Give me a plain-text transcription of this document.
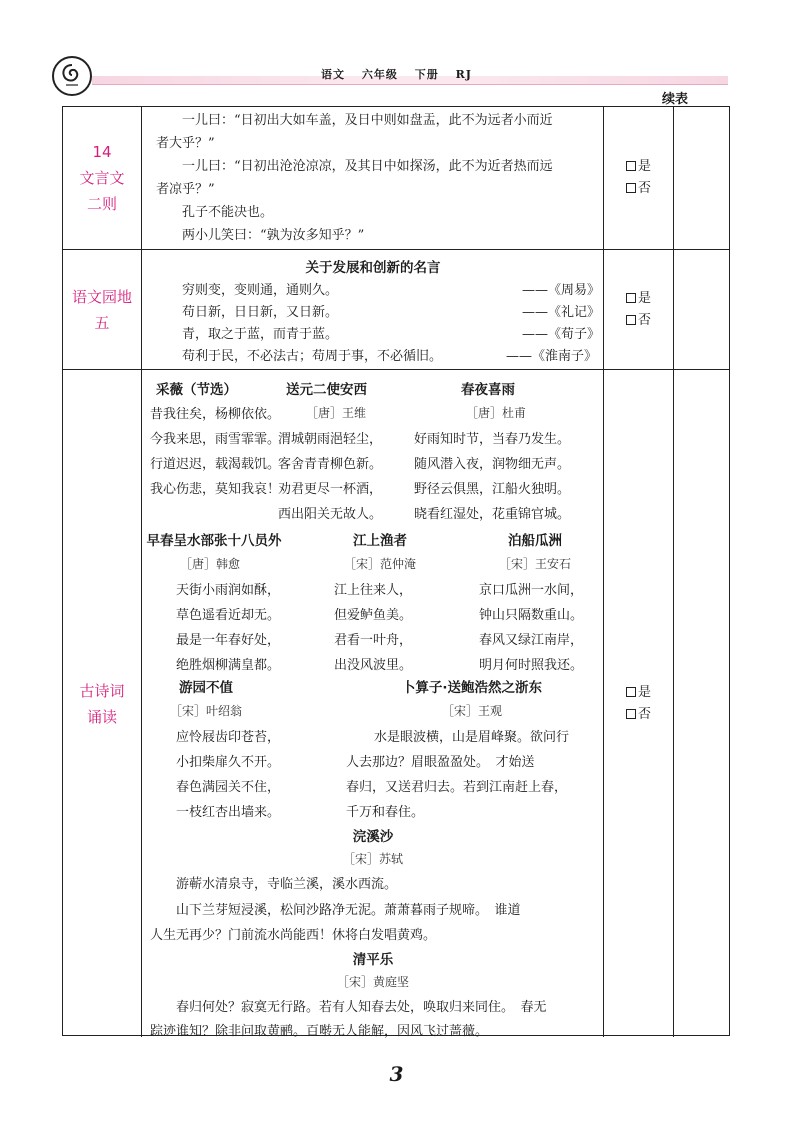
语文 六年级 下册 RJ
续表
14
文言文
二则
一儿曰：“日初出大如车盖，及日中则如盘盂，此不为远者小而近
者大乎？”
一儿曰：“日初出沧沧凉凉，及其日中如探汤，此不为近者热而远
者凉乎？”
孔子不能决也。
两小儿笑曰：“孰为汝多知乎？”
是
否
语文园地
五
关于发展和创新的名言
穷则变，变则通，通则久。	——《周易》
苟日新，日日新，又日新。	——《礼记》
青，取之于蓝，而青于蓝。	——《荀子》
苟利于民，不必法古；苟周于事，不必循旧。	——《淮南子》
是
否
古诗词
诵读
采薇（节选）
昔我往矣，杨柳依依。
今我来思，雨雪霏霏。
行道迟迟，载渴载饥。
我心伤悲，莫知我哀！
送元二使安西
［唐］王维
渭城朝雨浥轻尘，
客舍青青柳色新。
劝君更尽一杯酒，
西出阳关无故人。
春夜喜雨
［唐］杜甫
好雨知时节，当春乃发生。
随风潜入夜，润物细无声。
野径云俱黑，江船火独明。
晓看红湿处，花重锦官城。
早春呈水部张十八员外
［唐］韩愈
天街小雨润如酥，
草色遥看近却无。
最是一年春好处，
绝胜烟柳满皇都。
江上渔者
［宋］范仲淹
江上往来人，
但爱鲈鱼美。
君看一叶舟，
出没风波里。
泊船瓜洲
［宋］王安石
京口瓜洲一水间，
钟山只隔数重山。
春风又绿江南岸，
明月何时照我还。
游园不值
［宋］叶绍翁
应怜屐齿印苍苔，
小扣柴扉久不开。
春色满园关不住，
一枝红杏出墙来。
卜算子·送鲍浩然之浙东
［宋］王观
水是眼波横，山是眉峰聚。欲问行
人去那边？眉眼盈盈处。　才始送
春归，又送君归去。若到江南赶上春，
千万和春住。
浣溪沙
［宋］苏轼
游蕲水清泉寺，寺临兰溪，溪水西流。
山下兰芽短浸溪，松间沙路净无泥。萧萧暮雨子规啼。　谁道
人生无再少？门前流水尚能西！休将白发唱黄鸡。
清平乐
［宋］黄庭坚
春归何处？寂寞无行路。若有人知春去处，唤取归来同住。　春无
踪迹谁知？除非问取黄鹂。百啭无人能解，因风飞过蔷薇。
是
否
3
